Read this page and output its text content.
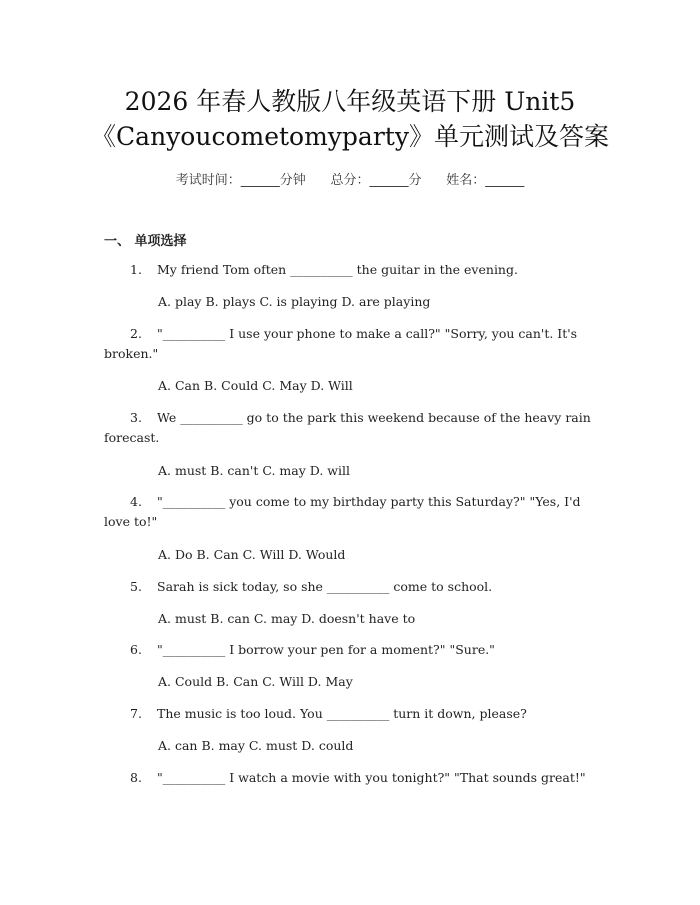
2026 年春人教版八年级英语下册 Unit5
《Canyoucometomyparty》单元测试及答案
考试时间：______分钟      总分：______分      姓名：______
一、 单项选择
1. My friend Tom often __________ the guitar in the evening.
A. play B. plays C. is playing D. are playing
2. "__________ I use your phone to make a call?" "Sorry, you can't. It's broken."
A. Can B. Could C. May D. Will
3. We __________ go to the park this weekend because of the heavy rain forecast.
A. must B. can't C. may D. will
4. "__________ you come to my birthday party this Saturday?" "Yes, I'd love to!"
A. Do B. Can C. Will D. Would
5. Sarah is sick today, so she __________ come to school.
A. must B. can C. may D. doesn't have to
6. "__________ I borrow your pen for a moment?" "Sure."
A. Could B. Can C. Will D. May
7. The music is too loud. You __________ turn it down, please?
A. can B. may C. must D. could
8. "__________ I watch a movie with you tonight?" "That sounds great!"
